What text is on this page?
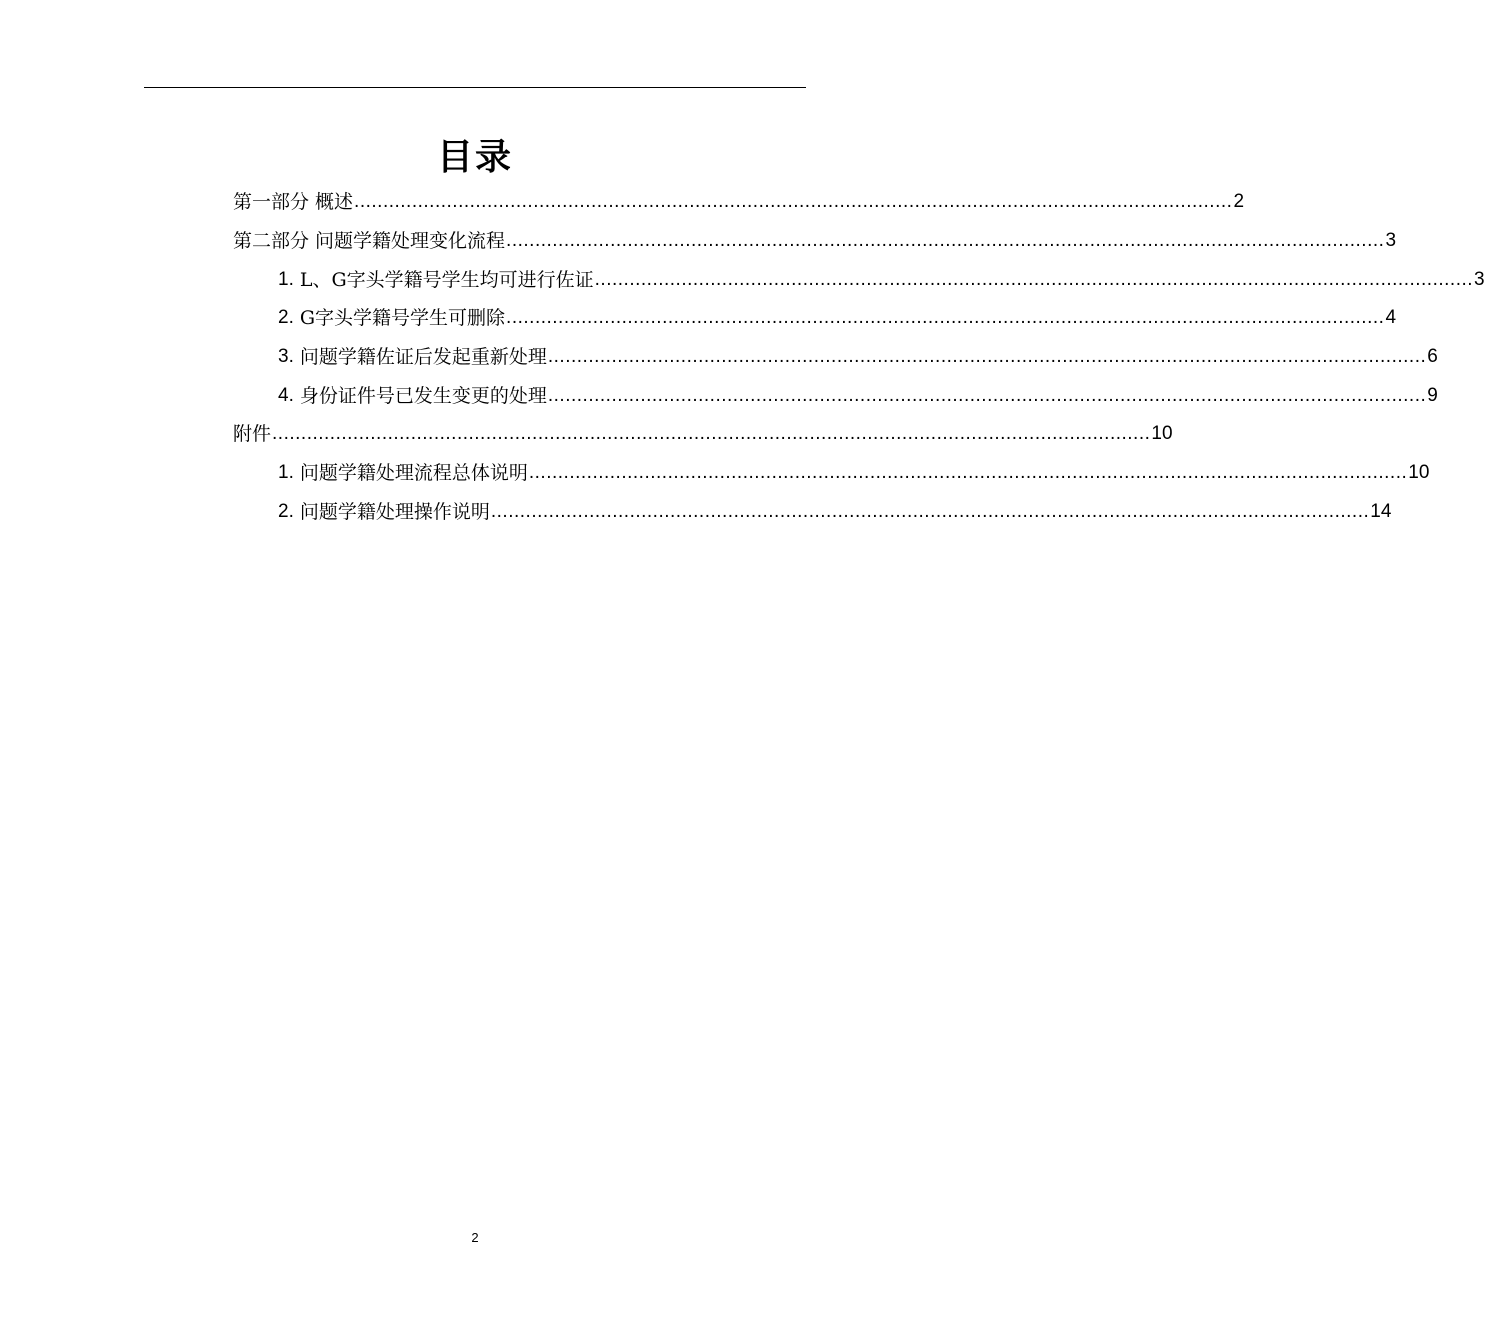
目录
第一部分 概述 ........................................................................................................................................................ 2
第二部分 问题学籍处理变化流程 ........................................................................................................................................................ 3
1. L、G字头学籍号学生均可进行佐证 ........................................................................................................................................................ 3
2. G字头学籍号学生可删除 ........................................................................................................................................................ 4
3. 问题学籍佐证后发起重新处理 ........................................................................................................................................................ 6
4. 身份证件号已发生变更的处理 ........................................................................................................................................................ 9
附件 ........................................................................................................................................................ 10
1. 问题学籍处理流程总体说明 ........................................................................................................................................................ 10
2. 问题学籍处理操作说明 ........................................................................................................................................................ 14
2
